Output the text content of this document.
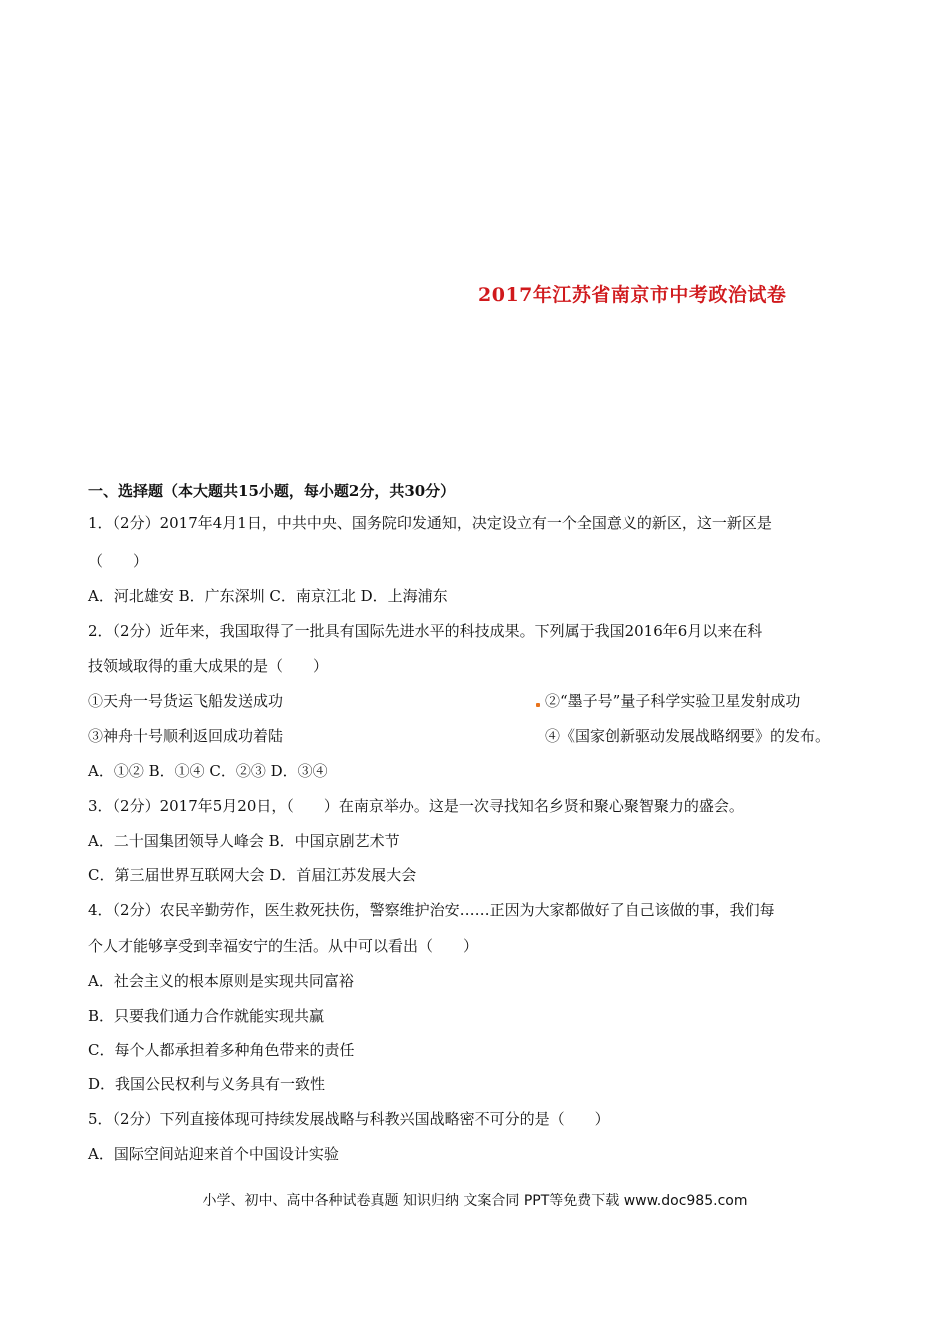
2017年江苏省南京市中考政治试卷
一、选择题（本大题共15小题，每小题2分，共30分）
1．（2分）2017年4月1日，中共中央、国务院印发通知，决定设立有一个全国意义的新区，这一新区是
（　　）
A．河北雄安 B．广东深圳 C．南京江北 D．上海浦东
2．（2分）近年来，我国取得了一批具有国际先进水平的科技成果。下列属于我国2016年6月以来在科
技领域取得的重大成果的是（　　）
①天舟一号货运飞船发送成功	②“墨子号”量子科学实验卫星发射成功
③神舟十号顺利返回成功着陆	④《国家创新驱动发展战略纲要》的发布。
A．①② B．①④ C．②③ D．③④
3．（2分）2017年5月20日，（　　）在南京举办。这是一次寻找知名乡贤和聚心聚智聚力的盛会。
A．二十国集团领导人峰会 B．中国京剧艺术节
C．第三届世界互联网大会 D．首届江苏发展大会
4．（2分）农民辛勤劳作，医生救死扶伤，警察维护治安……正因为大家都做好了自己该做的事，我们每
个人才能够享受到幸福安宁的生活。从中可以看出（　　）
A．社会主义的根本原则是实现共同富裕
B．只要我们通力合作就能实现共赢
C．每个人都承担着多种角色带来的责任
D．我国公民权利与义务具有一致性
5．（2分）下列直接体现可持续发展战略与科教兴国战略密不可分的是（　　）
A．国际空间站迎来首个中国设计实验
小学、初中、高中各种试卷真题 知识归纳 文案合同 PPT等免费下载 www.doc985.com
